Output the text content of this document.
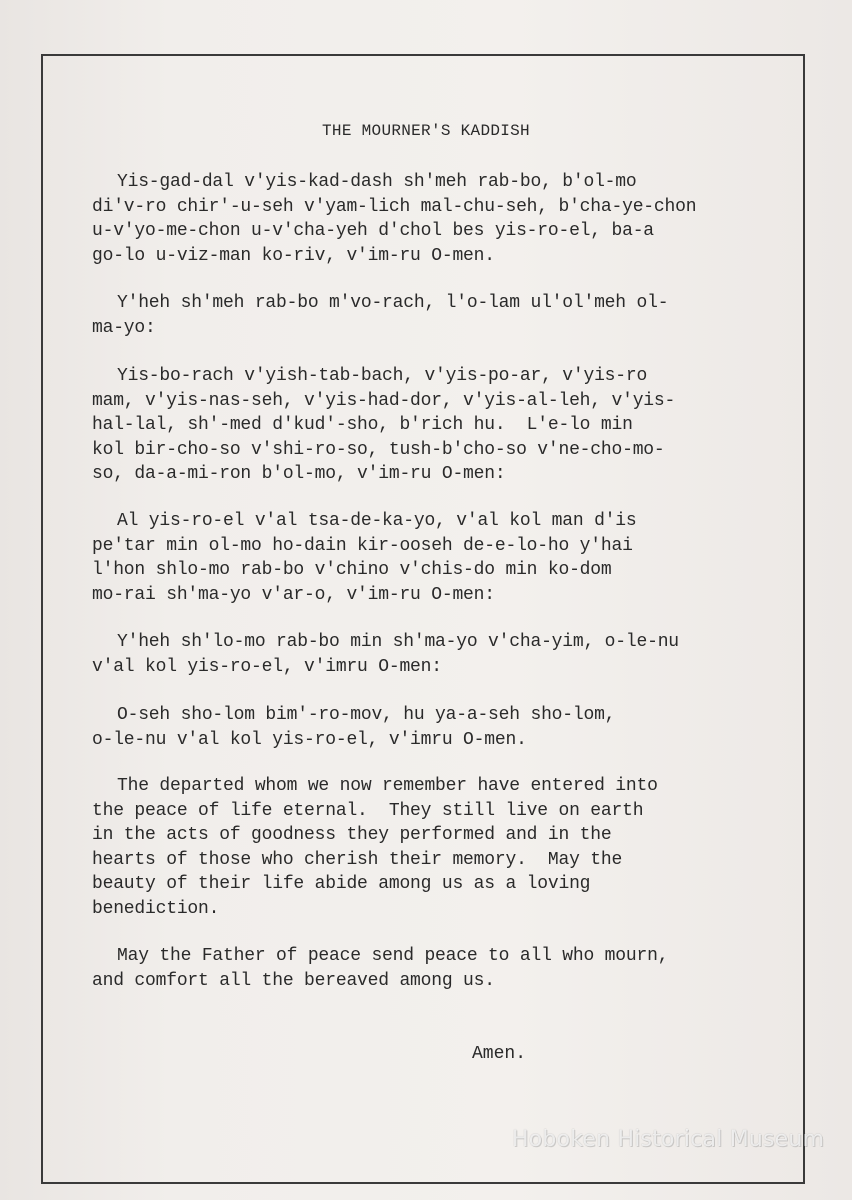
THE MOURNER'S KADDISH

Yis-gad-dal v'yis-kad-dash sh'meh rab-bo, b'ol-mo
di'v-ro chir'-u-seh v'yam-lich mal-chu-seh, b'cha-ye-chon
u-v'yo-me-chon u-v'cha-yeh d'chol bes yis-ro-el, ba-a
go-lo u-viz-man ko-riv, v'im-ru O-men.

Y'heh sh'meh rab-bo m'vo-rach, l'o-lam ul'ol'meh ol-
ma-yo:

Yis-bo-rach v'yish-tab-bach, v'yis-po-ar, v'yis-ro
mam, v'yis-nas-seh, v'yis-had-dor, v'yis-al-leh, v'yis-
hal-lal, sh'-med d'kud'-sho, b'rich hu.  L'e-lo min
kol bir-cho-so v'shi-ro-so, tush-b'cho-so v'ne-cho-mo-
so, da-a-mi-ron b'ol-mo, v'im-ru O-men:

Al yis-ro-el v'al tsa-de-ka-yo, v'al kol man d'is
pe'tar min ol-mo ho-dain kir-ooseh de-e-lo-ho y'hai
l'hon shlo-mo rab-bo v'chino v'chis-do min ko-dom
mo-rai sh'ma-yo v'ar-o, v'im-ru O-men:

Y'heh sh'lo-mo rab-bo min sh'ma-yo v'cha-yim, o-le-nu
v'al kol yis-ro-el, v'imru O-men:

O-seh sho-lom bim'-ro-mov, hu ya-a-seh sho-lom,
o-le-nu v'al kol yis-ro-el, v'imru O-men.

The departed whom we now remember have entered into
the peace of life eternal.  They still live on earth
in the acts of goodness they performed and in the
hearts of those who cherish their memory.  May the
beauty of their life abide among us as a loving
benediction.

May the Father of peace send peace to all who mourn,
and comfort all the bereaved among us.

Amen.

Hoboken Historical Museum
